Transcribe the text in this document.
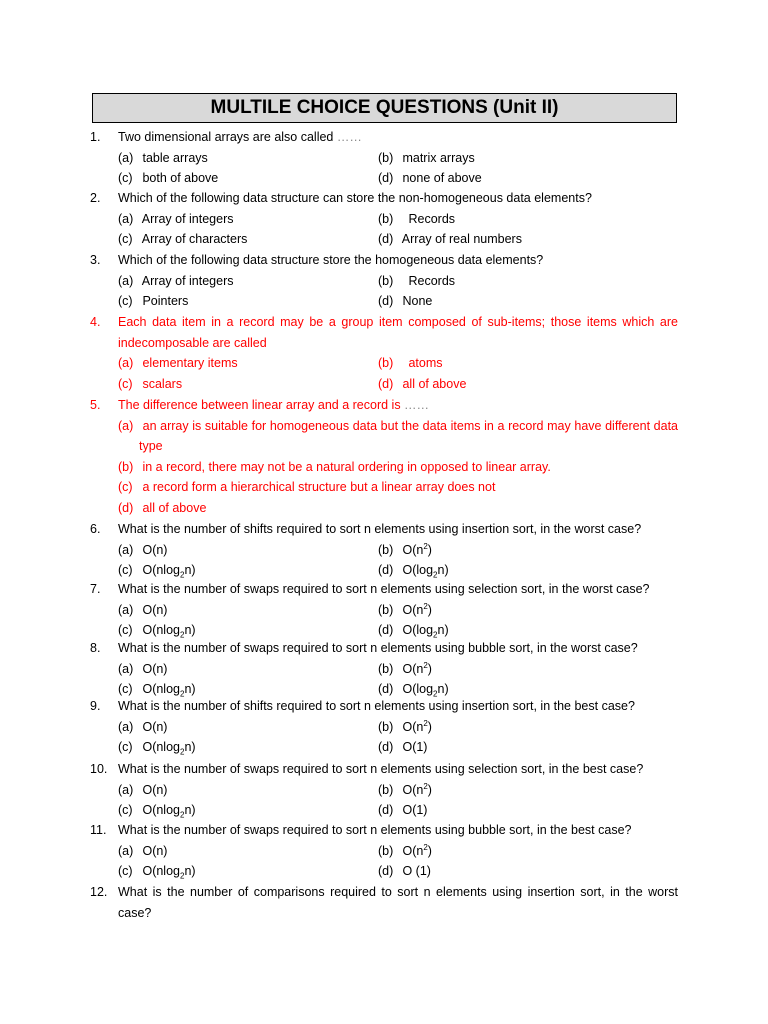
MULTILE CHOICE QUESTIONS (Unit II)
1. Two dimensional arrays are also called ……
(a) table arrays	(b) matrix arrays
(c) both of above	(d) none of above
2. Which of the following data structure can store the non-homogeneous data elements?
(a) Array of integers	(b) Records
(c) Array of characters	(d) Array of real numbers
3. Which of the following data structure store the homogeneous data elements?
(a) Array of integers	(b) Records
(c) Pointers	(d) None
4. Each data item in a record may be a group item composed of sub-items; those items which are indecomposable are called
(a) elementary items	(b) atoms
(c) scalars	(d) all of above
5. The difference between linear array and a record is ……
(a) an array is suitable for homogeneous data but the data items in a record may have different data type
(b) in a record, there may not be a natural ordering in opposed to linear array.
(c) a record form a hierarchical structure but a linear array does not
(d) all of above
6. What is the number of shifts required to sort n elements using insertion sort, in the worst case?
(a) O(n)	(b) $O(n^2)$
(c) O(nlog$_2$n)	(d) $O(\log_2n)$
7. What is the number of swaps required to sort n elements using selection sort, in the worst case?
(a) O(n)	(b) $O(n^2)$
(c) O(nlog$_2$n)	(d) $O(\log_2n)$
8. What is the number of swaps required to sort n elements using bubble sort, in the worst case?
(a) O(n)	(b) $O(n^2)$
(c) O(nlog$_2$n)	(d) $O(\log_2n)$
9. What is the number of shifts required to sort n elements using insertion sort, in the best case?
(a) O(n)	(b) $O(n^2)$
(c) O(nlog$_2$n)	(d) O(1)
10. What is the number of swaps required to sort n elements using selection sort, in the best case?
(a) O(n)	(b) $O(n^2)$
(c) O(nlog$_2$n)	(d) O(1)
11. What is the number of swaps required to sort n elements using bubble sort, in the best case?
(a) O(n)	(b) $O(n^2)$
(c) O(nlog$_2$n)	(d) O (1)
12. What is the number of comparisons required to sort n elements using insertion sort, in the worst case?
